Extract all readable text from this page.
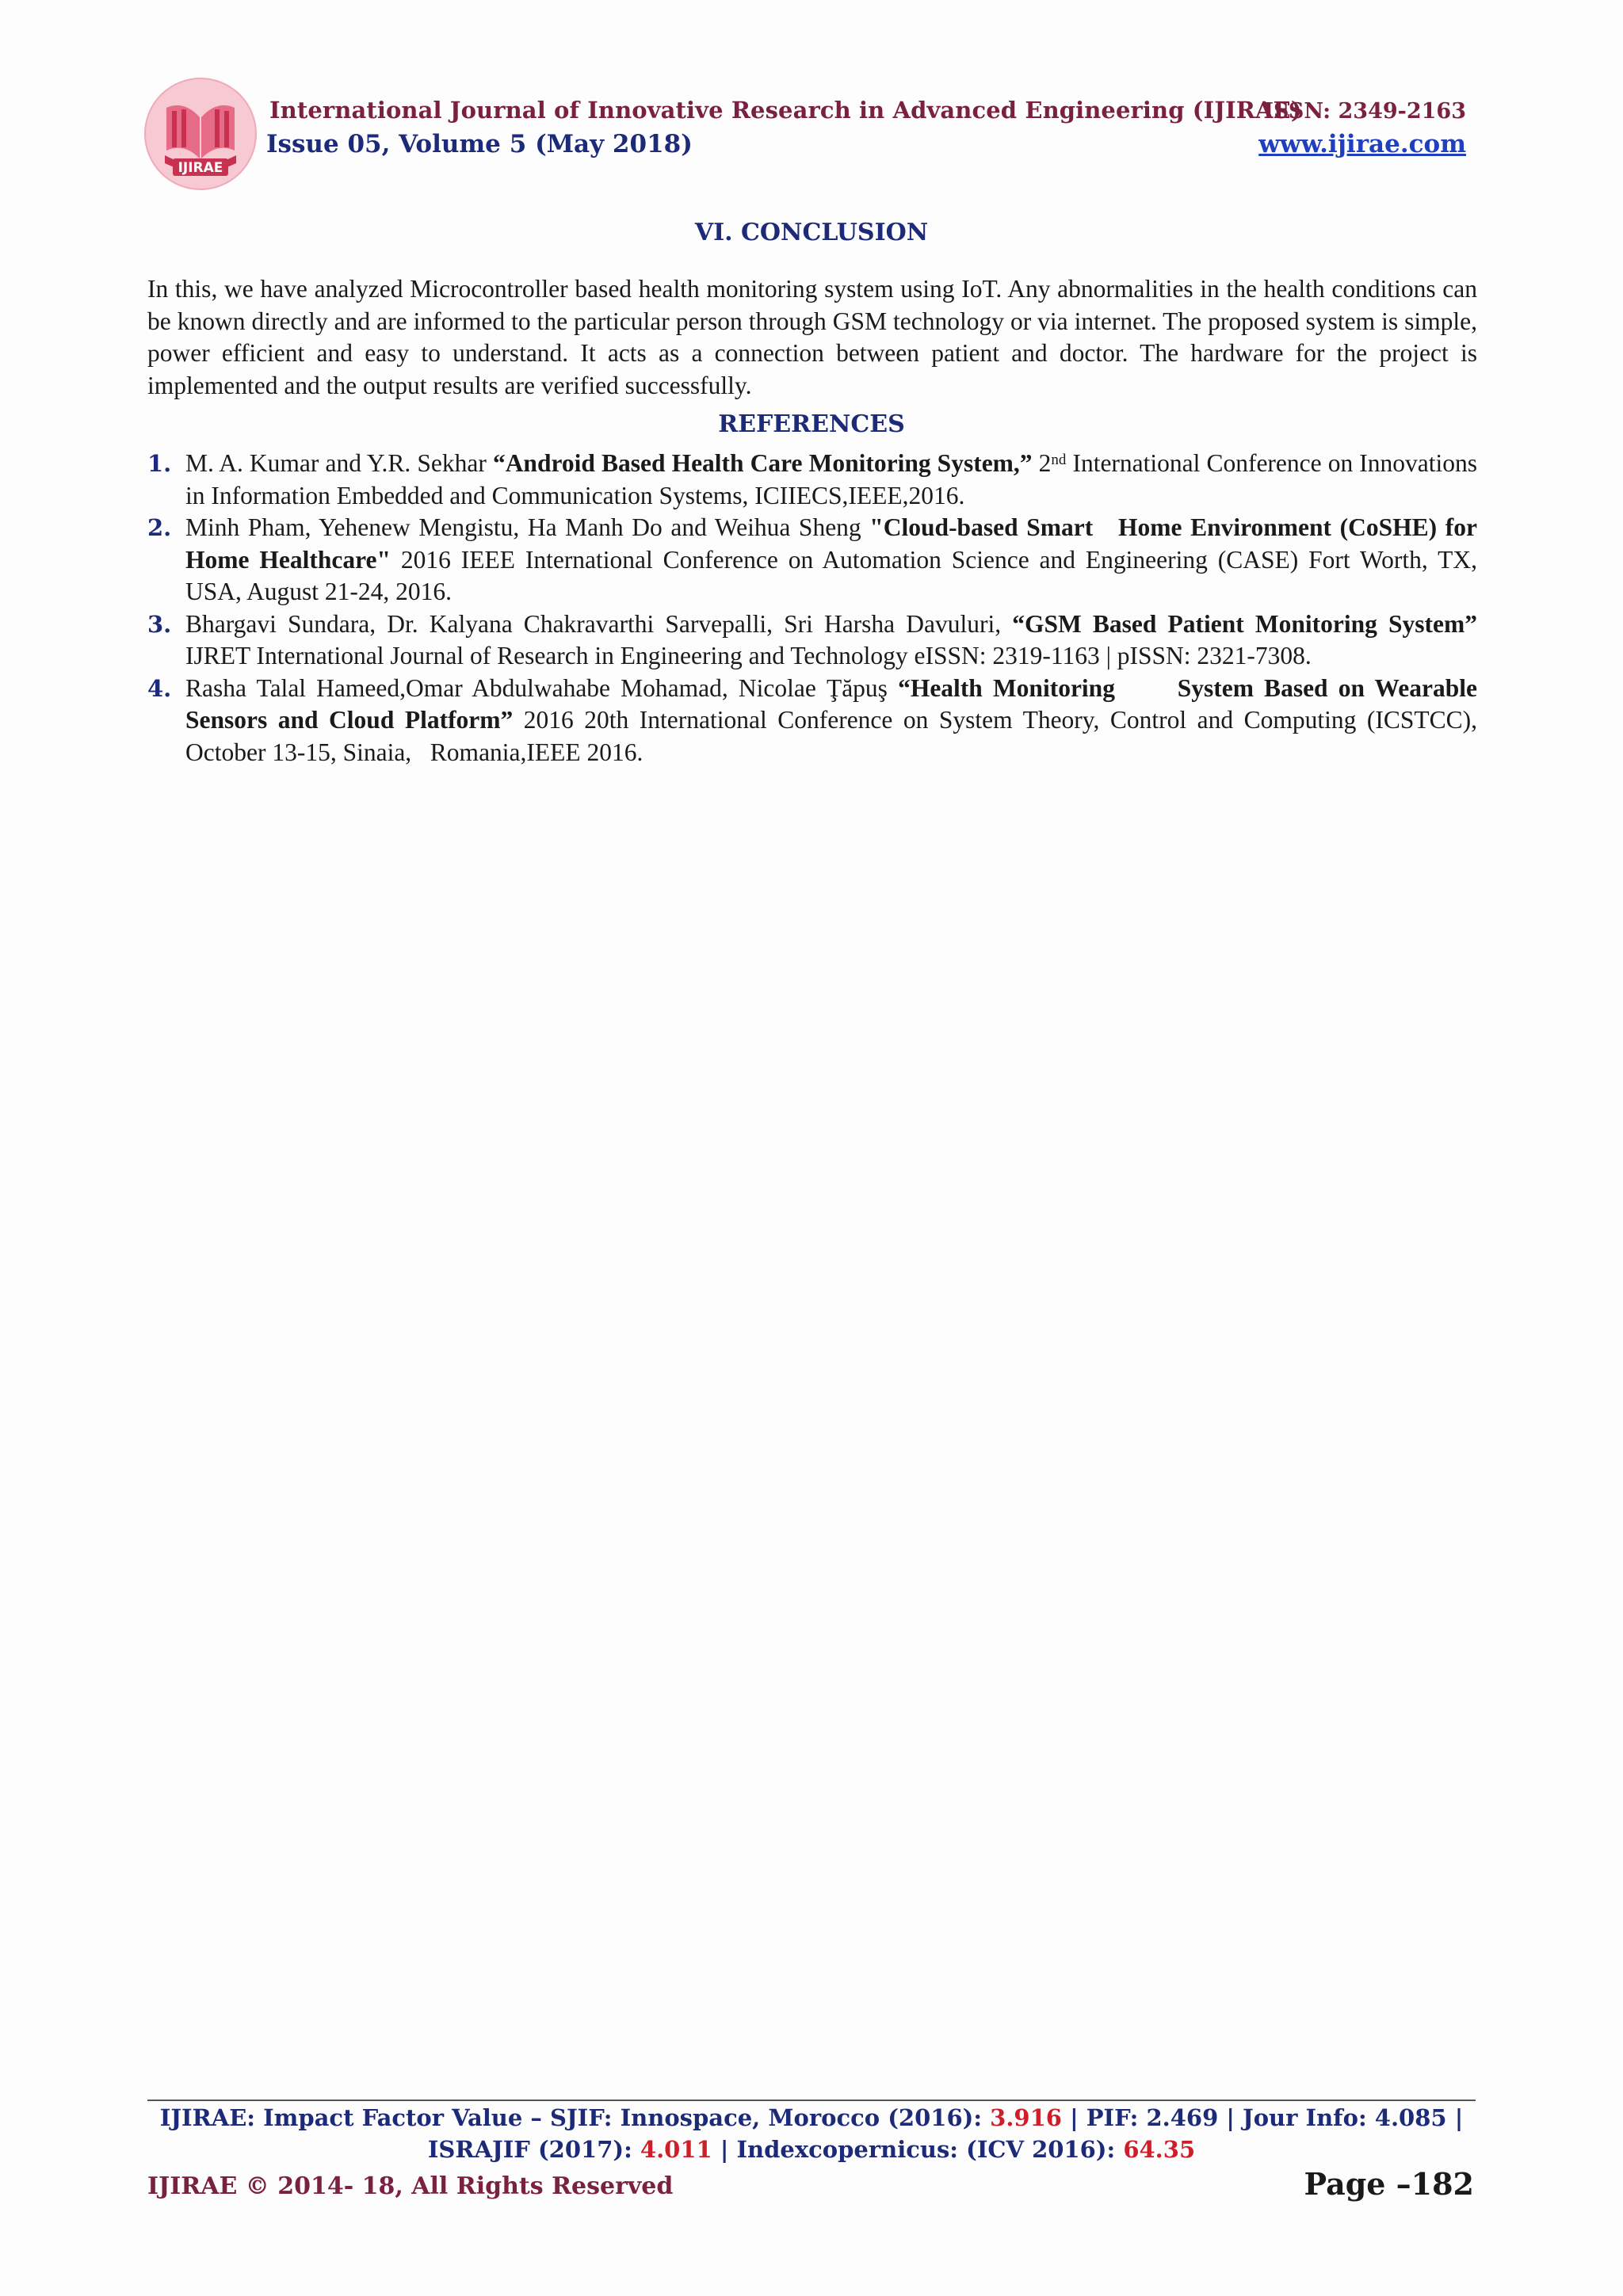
IJIRAE
International Journal of Innovative Research in Advanced Engineering (IJIRAE)
ISSN: 2349-2163
Issue 05, Volume 5 (May 2018)	www.ijirae.com
VI. CONCLUSION
In this, we have analyzed Microcontroller based health monitoring system using IoT. Any abnormalities in the health conditions can be known directly and are informed to the particular person through GSM technology or via internet. The proposed system is simple, power efficient and easy to understand. It acts as a connection between patient and doctor. The hardware for the project is implemented and the output results are verified successfully.
REFERENCES
1. M. A. Kumar and Y.R. Sekhar “Android Based Health Care Monitoring System,” 2nd International Conference on Innovations in Information Embedded and Communication Systems, ICIIECS,IEEE,2016.
2. Minh Pham, Yehenew Mengistu, Ha Manh Do and Weihua Sheng "Cloud-based Smart   Home Environment (CoSHE) for Home Healthcare" 2016 IEEE International Conference on Automation Science and Engineering (CASE) Fort Worth, TX, USA, August 21-24, 2016.
3. Bhargavi Sundara, Dr. Kalyana Chakravarthi Sarvepalli, Sri Harsha Davuluri, “GSM Based Patient Monitoring System” IJRET International Journal of Research in Engineering and Technology eISSN: 2319-1163 | pISSN: 2321-7308.
4. Rasha Talal Hameed,Omar Abdulwahabe Mohamad, Nicolae Ţăpuş “Health Monitoring      System Based on Wearable Sensors and Cloud Platform” 2016 20th International Conference on System Theory, Control and Computing (ICSTCC), October 13-15, Sinaia,   Romania,IEEE 2016.
IJIRAE: Impact Factor Value – SJIF: Innospace, Morocco (2016): 3.916 | PIF: 2.469 | Jour Info: 4.085 |
ISRAJIF (2017): 4.011 | Indexcopernicus: (ICV 2016): 64.35
IJIRAE © 2014- 18, All Rights Reserved	Page –182
